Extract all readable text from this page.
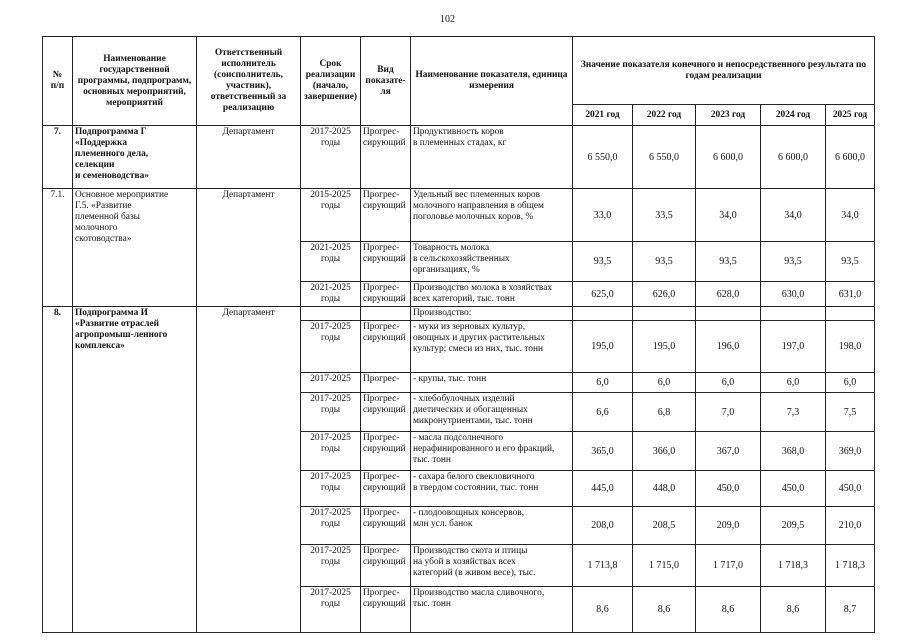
102
№
п/п	Наименование государственной программы, подпрограмм, основных мероприятий, мероприятий	Ответственный исполнитель (соисполнитель, участник), ответственный за реализацию	Срок реализации (начало, завершение)	Вид показате-ля	Наименование показателя, единица измерения	Значение показателя конечного и непосредственного результата по годам реализации				
						2021 год	2022 год	2023 год	2024 год	2025 год
7.	Подпрограмма Г
«Поддержка
племенного дела,
селекции
и семеноводства»	Департамент	2017-2025
годы	Прогрес-
сирующий	Продуктивность коров
в племенных стадах, кг	6 550,0	6 550,0	6 600,0	6 600,0	6 600,0
7.1.	Основное мероприятие
Г.5. «Развитие
племенной базы
молочного
скотоводства»	Департамент	2015-2025
годы	Прогрес-
сирующий	Удельный вес племенных коров
молочного направления в общем
поголовье молочных коров, %	33,0	33,5	34,0	34,0	34,0
			2021-2025
годы	Прогрес-
сирующий	Товарность молока
в сельскохозяйственных
организациях, %	93,5	93,5	93,5	93,5	93,5
			2021-2025
годы	Прогрес-
сирующий	Производство молока в хозяйствах
всех категорий, тыс. тонн	625,0	626,0	628,0	630,0	631,0
8.	Подпрограмма И
«Развитие отраслей
агропромыш-ленного
комплекса»	Департамент			Производство:					
			2017-2025
годы	Прогрес-
сирующий	- муки из зерновых культур,
овощных и других растительных
культур; смеси из них, тыс. тонн	195,0	195,0	196,0	197,0	198,0
			2017-2025	Прогрес-	- крупы, тыс. тонн	6,0	6,0	6,0	6,0	6,0
			2017-2025
годы	Прогрес-
сирующий	- хлебобулочных изделий
диетических и обогащенных
микронутриентами, тыс. тонн	6,6	6,8	7,0	7,3	7,5
			2017-2025
годы	Прогрес-
сирующий	- масла подсолнечного
нерафинированного и его фракций,
тыс. тонн	365,0	366,0	367,0	368,0	369,0
			2017-2025
годы	Прогрес-
сирующий	- сахара белого свекловичного
в твердом состоянии, тыс. тонн	445,0	448,0	450,0	450,0	450,0
			2017-2025
годы	Прогрес-
сирующий	- плодоовощных консервов,
млн усл. банок	208,0	208,5	209,0	209,5	210,0
			2017-2025
годы	Прогрес-
сирующий	Производство скота и птицы
на убой в хозяйствах всех
категорий (в живом весе), тыс.	1 713,8	1 715,0	1 717,0	1 718,3	1 718,3
			2017-2025
годы	Прогрес-
сирующий	Производство масла сливочного,
тыс. тонн	8,6	8,6	8,6	8,6	8,7
